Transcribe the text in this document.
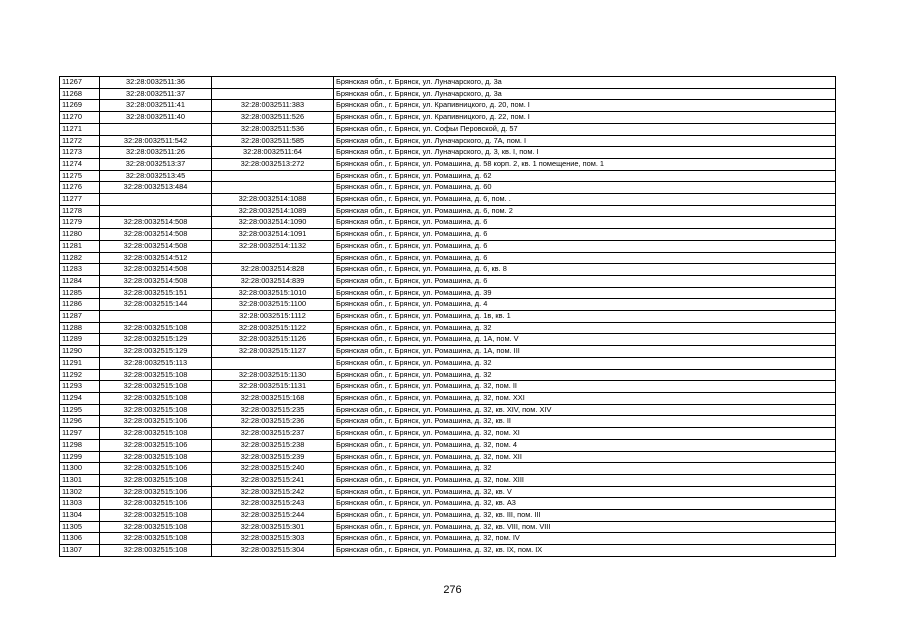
11267	32:28:0032511:36		Брянская обл., г. Брянск, ул. Луначарского, д. 3а
11268	32:28:0032511:37		Брянская обл., г. Брянск, ул. Луначарского, д. 3а
11269	32:28:0032511:41	32:28:0032511:383	Брянская обл., г. Брянск, ул. Крапивницкого, д. 20, пом. I
11270	32:28:0032511:40	32:28:0032511:526	Брянская обл., г. Брянск, ул. Крапивницкого, д. 22, пом. I
11271		32:28:0032511:536	Брянская обл., г. Брянск, ул. Софьи Перовской, д. 57
11272	32:28:0032511:542	32:28:0032511:585	Брянская обл., г. Брянск, ул. Луначарского, д. 7А, пом. I
11273	32:28:0032511:26	32:28:0032511:64	Брянская обл., г. Брянск, ул. Луначарского, д. 3, кв. I, пом. I
11274	32:28:0032513:37	32:28:0032513:272	Брянская обл., г. Брянск, ул. Ромашина, д. 58 корп. 2, кв. 1 помещение, пом. 1
11275	32:28:0032513:45		Брянская обл., г. Брянск, ул. Ромашина, д. 62
11276	32:28:0032513:484		Брянская обл., г. Брянск, ул. Ромашина, д. 60
11277		32:28:0032514:1088	Брянская обл., г. Брянск, ул. Ромашина, д. 6, пом. .
11278		32:28:0032514:1089	Брянская обл., г. Брянск, ул. Ромашина, д. 6, пом. 2
11279	32:28:0032514:508	32:28:0032514:1090	Брянская обл., г. Брянск, ул. Ромашина, д. 6
11280	32:28:0032514:508	32:28:0032514:1091	Брянская обл., г. Брянск, ул. Ромашина, д. 6
11281	32:28:0032514:508	32:28:0032514:1132	Брянская обл., г. Брянск, ул. Ромашина, д. 6
11282	32:28:0032514:512		Брянская обл., г. Брянск, ул. Ромашина, д. 6
11283	32:28:0032514:508	32:28:0032514:828	Брянская обл., г. Брянск, ул. Ромашина, д. 6, кв. 8
11284	32:28:0032514:508	32:28:0032514:839	Брянская обл., г. Брянск, ул. Ромашина, д. 6
11285	32:28:0032515:151	32:28:0032515:1010	Брянская обл., г. Брянск, ул. Ромашина, д. 39
11286	32:28:0032515:144	32:28:0032515:1100	Брянская обл., г. Брянск, ул. Ромашина, д. 4
11287		32:28:0032515:1112	Брянская обл., г. Брянск, ул. Ромашина, д. 1в, кв. 1
11288	32:28:0032515:108	32:28:0032515:1122	Брянская обл., г. Брянск, ул. Ромашина, д. 32
11289	32:28:0032515:129	32:28:0032515:1126	Брянская обл., г. Брянск, ул. Ромашина, д. 1А, пом. V
11290	32:28:0032515:129	32:28:0032515:1127	Брянская обл., г. Брянск, ул. Ромашина, д. 1А, пом. III
11291	32:28:0032515:113		Брянская обл., г. Брянск, ул. Ромашина, д. 32
11292	32:28:0032515:108	32:28:0032515:1130	Брянская обл., г. Брянск, ул. Ромашина, д. 32
11293	32:28:0032515:108	32:28:0032515:1131	Брянская обл., г. Брянск, ул. Ромашина, д. 32, пом. II
11294	32:28:0032515:108	32:28:0032515:168	Брянская обл., г. Брянск, ул. Ромашина, д. 32, пом. XXI
11295	32:28:0032515:108	32:28:0032515:235	Брянская обл., г. Брянск, ул. Ромашина, д. 32, кв. XIV, пом. XIV
11296	32:28:0032515:106	32:28:0032515:236	Брянская обл., г. Брянск, ул. Ромашина, д. 32, кв. II
11297	32:28:0032515:108	32:28:0032515:237	Брянская обл., г. Брянск, ул. Ромашина, д. 32, пом. XI
11298	32:28:0032515:106	32:28:0032515:238	Брянская обл., г. Брянск, ул. Ромашина, д. 32, пом. 4
11299	32:28:0032515:108	32:28:0032515:239	Брянская обл., г. Брянск, ул. Ромашина, д. 32, пом. XII
11300	32:28:0032515:106	32:28:0032515:240	Брянская обл., г. Брянск, ул. Ромашина, д. 32
11301	32:28:0032515:108	32:28:0032515:241	Брянская обл., г. Брянск, ул. Ромашина, д. 32, пом. XIII
11302	32:28:0032515:106	32:28:0032515:242	Брянская обл., г. Брянск, ул. Ромашина, д. 32, кв. V
11303	32:28:0032515:106	32:28:0032515:243	Брянская обл., г. Брянск, ул. Ромашина, д. 32, кв. А3
11304	32:28:0032515:108	32:28:0032515:244	Брянская обл., г. Брянск, ул. Ромашина, д. 32, кв. III, пом. III
11305	32:28:0032515:108	32:28:0032515:301	Брянская обл., г. Брянск, ул. Ромашина, д. 32, кв. VIII, пом. VIII
11306	32:28:0032515:108	32:28:0032515:303	Брянская обл., г. Брянск, ул. Ромашина, д. 32, пом. IV
11307	32:28:0032515:108	32:28:0032515:304	Брянская обл., г. Брянск, ул. Ромашина, д. 32, кв. IX, пом. IX
276
